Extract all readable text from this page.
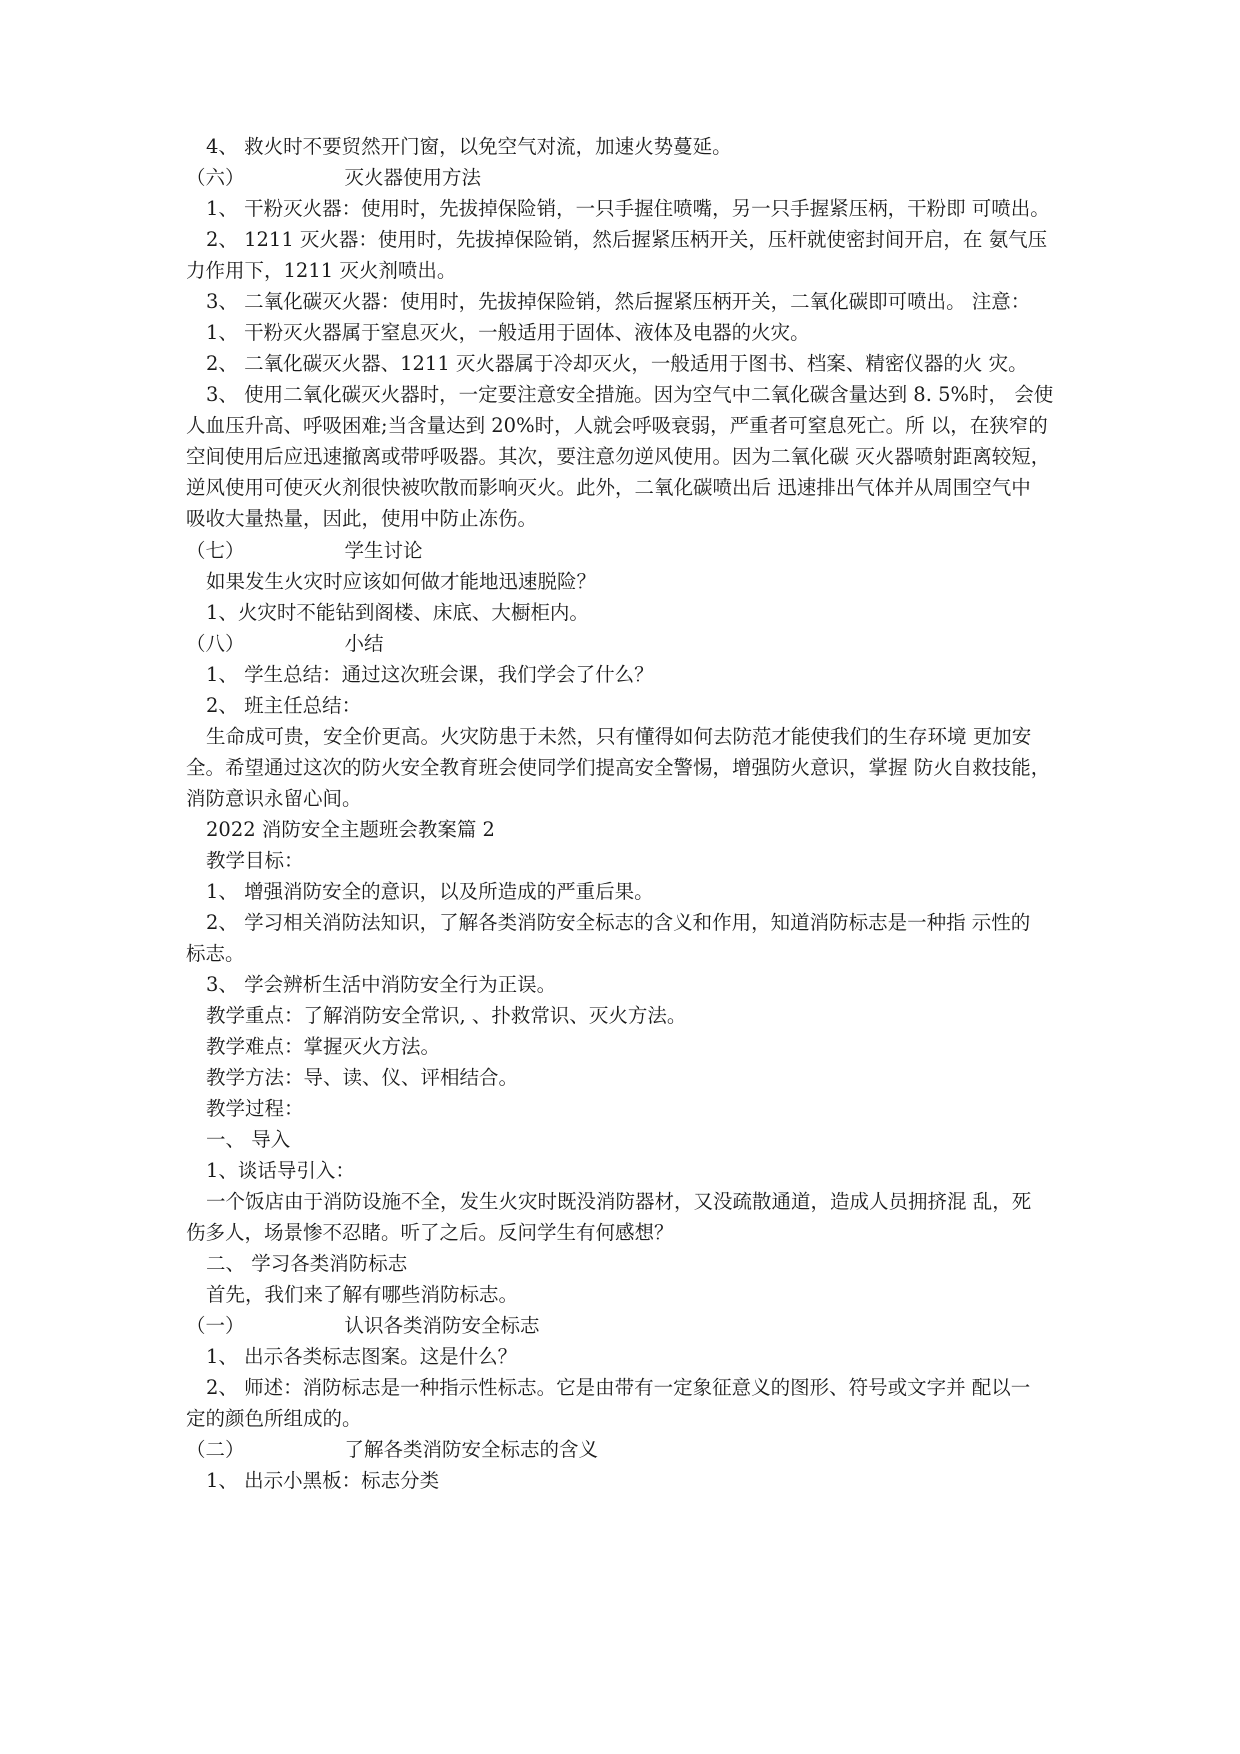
4、 救火时不要贸然开门窗，以免空气对流，加速火势蔓延。
（六）	灭火器使用方法
1、 干粉灭火器：使用时，先拔掉保险销，一只手握住喷嘴，另一只手握紧压柄，干粉即 可喷出。
2、 1211 灭火器：使用时，先拔掉保险销，然后握紧压柄开关，压杆就使密封间开启，在 氨气压
力作用下，1211 灭火剂喷出。
3、 二氧化碳灭火器：使用时，先拔掉保险销，然后握紧压柄开关，二氧化碳即可喷出。 注意：
1、 干粉灭火器属于窒息灭火，一般适用于固体、液体及电器的火灾。
2、 二氧化碳灭火器、1211 灭火器属于冷却灭火，一般适用于图书、档案、精密仪器的火 灾。
3、 使用二氧化碳灭火器时，一定要注意安全措施。因为空气中二氧化碳含量达到 8. 5%时， 会使
人血压升高、呼吸困难;当含量达到 20%时，人就会呼吸衰弱，严重者可窒息死亡。所 以，在狭窄的
空间使用后应迅速撤离或带呼吸器。其次，要注意勿逆风使用。因为二氧化碳 灭火器喷射距离较短，
逆风使用可使灭火剂很快被吹散而影响灭火。此外，二氧化碳喷出后 迅速排出气体并从周围空气中
吸收大量热量，因此，使用中防止冻伤。
（七）	学生讨论
如果发生火灾时应该如何做才能地迅速脱险？
1、火灾时不能钻到阁楼、床底、大橱柜内。
（八）	小结
1、 学生总结：通过这次班会课，我们学会了什么？
2、 班主任总结：
生命成可贵，安全价更高。火灾防患于未然，只有懂得如何去防范才能使我们的生存环境 更加安
全。希望通过这次的防火安全教育班会使同学们提高安全警惕，增强防火意识，掌握 防火自救技能，
消防意识永留心间。
2022 消防安全主题班会教案篇 2
教学目标：
1、 增强消防安全的意识，以及所造成的严重后果。
2、 学习相关消防法知识，了解各类消防安全标志的含义和作用，知道消防标志是一种指 示性的
标志。
3、 学会辨析生活中消防安全行为正误。
教学重点：了解消防安全常识, 、扑救常识、灭火方法。
教学难点：掌握灭火方法。
教学方法：导、读、仪、评相结合。
教学过程：
一、 导入
1、谈话导引入：
一个饭店由于消防设施不全，发生火灾时既没消防器材，又没疏散通道，造成人员拥挤混 乱，死
伤多人，场景惨不忍睹。听了之后。反问学生有何感想？
二、 学习各类消防标志
首先，我们来了解有哪些消防标志。
（一）	认识各类消防安全标志
1、 出示各类标志图案。这是什么？
2、 师述：消防标志是一种指示性标志。它是由带有一定象征意义的图形、符号或文字并 配以一
定的颜色所组成的。
（二）	了解各类消防安全标志的含义
1、 出示小黑板：标志分类
